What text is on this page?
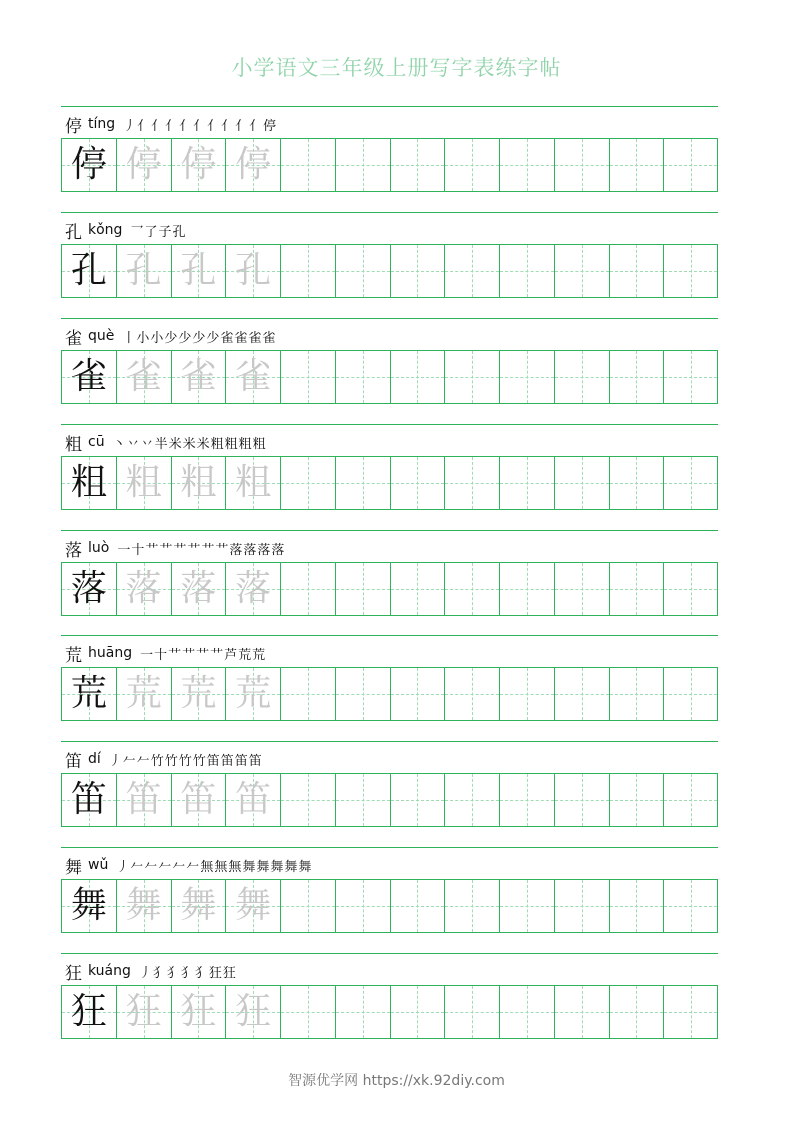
小学语文三年级上册写字表练字帖
停 tíng 丿亻亻亻亻亻亻亻亻亻停
停 停 停 停
孔 kǒng 乛了子孔
孔 孔 孔 孔
雀 què 丨小小少少少少雀雀雀雀
雀 雀 雀 雀
粗 cū 丶丷丷半米米米粗粗粗粗
粗 粗 粗 粗
落 luò 一十艹艹艹艹艹艹落落落落
落 落 落 落
荒 huāng 一十艹艹艹艹芦荒荒
荒 荒 荒 荒
笛 dí 丿𠂉𠂉竹竹竹竹笛笛笛笛
笛 笛 笛 笛
舞 wǔ 丿𠂉𠂉𠂉𠂉𠂉無無無舞舞舞舞舞
舞 舞 舞 舞
狂 kuáng 丿犭犭犭犭狂狂
狂 狂 狂 狂
智源优学网 https://xk.92diy.com
